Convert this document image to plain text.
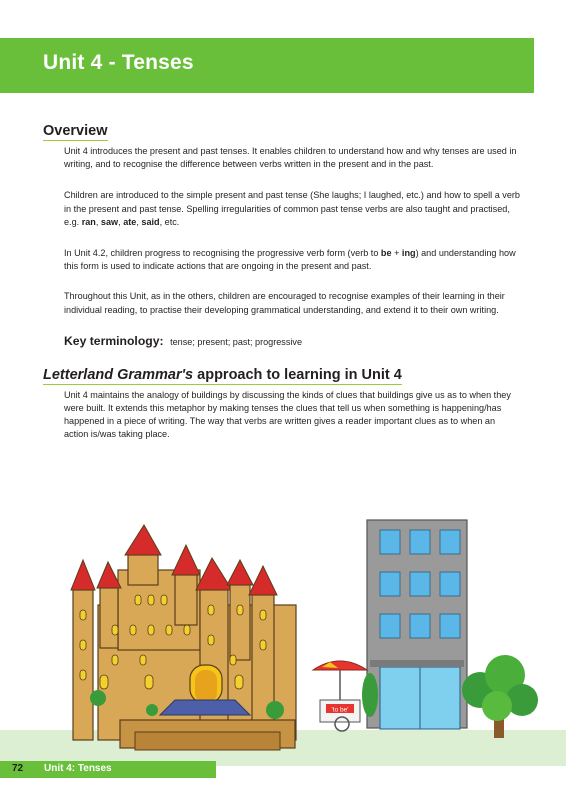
Unit 4 - Tenses
Overview

Unit 4 introduces the present and past tenses. It enables children to understand how and why tenses are used in writing, and to recognise the difference between verbs written in the present and in the past.

Children are introduced to the simple present and past tense (She laughs; I laughed, etc.) and how to spell a verb in the present and past tense. Spelling irregularities of common past tense verbs are also taught and practised, e.g. ran, saw, ate, said, etc.

In Unit 4.2, children progress to recognising the progressive verb form (verb to be + ing) and understanding how this form is used to indicate actions that are ongoing in the present and past.

Throughout this Unit, as in the others, children are encouraged to recognise examples of their learning in their individual reading, to practise their developing grammatical understanding, and extend it to their own writing.

Key terminology: tense; present; past; progressive
Letterland Grammar's approach to learning in Unit 4

Unit 4 maintains the analogy of buildings by discussing the kinds of clues that buildings give us as to when they were built. It extends this metaphor by making tenses the clues that tell us when something is happening/has happened in a piece of writing. The way that verbs are written gives a reader important clues as to when an action is/was taking place.

'to be'
72 Unit 4: Tenses
